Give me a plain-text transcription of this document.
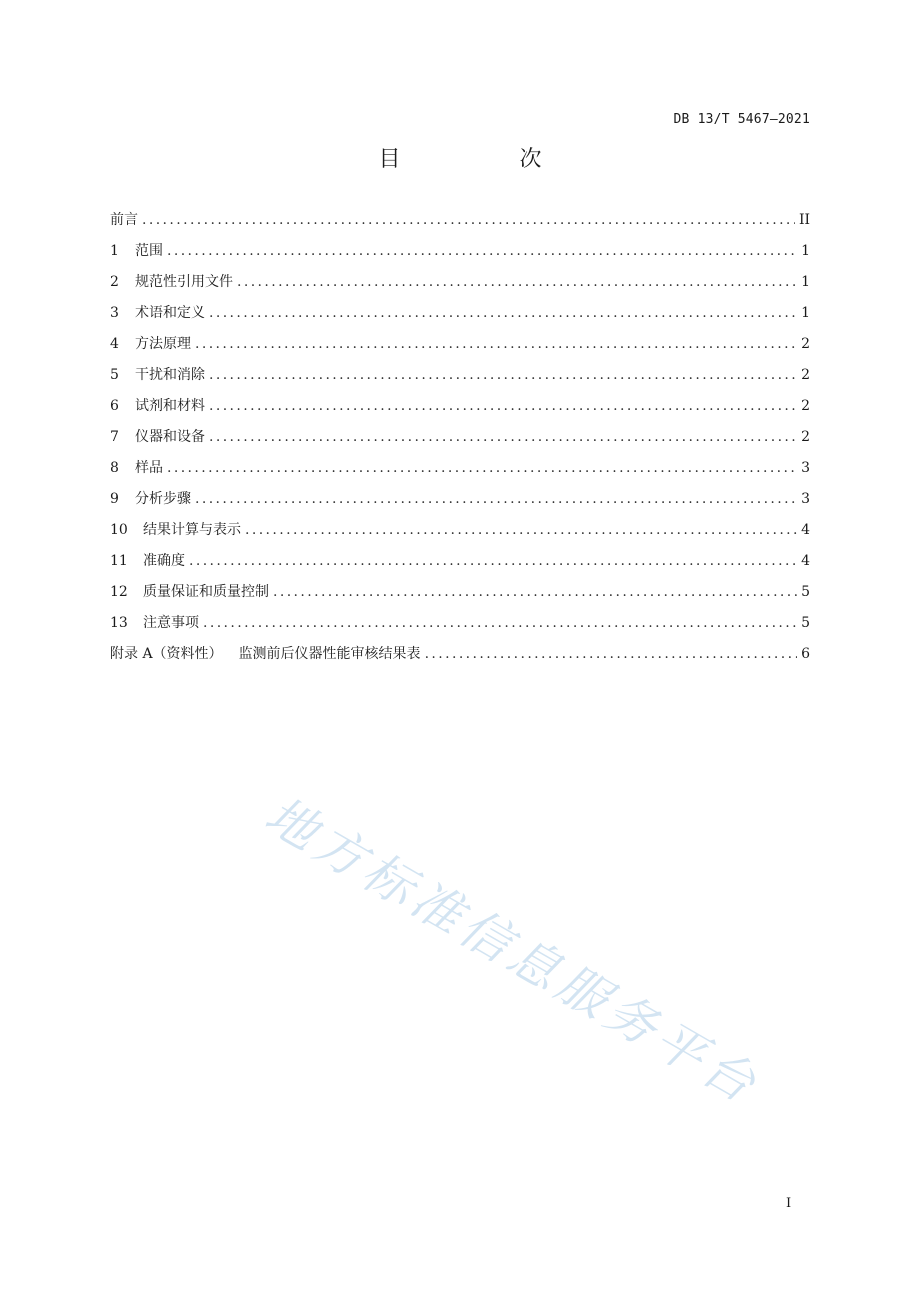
DB 13/T 5467—2021
目 次
前言 .....	II
1	范围 .....	1
2	规范性引用文件 .....	1
3	术语和定义 .....	1
4	方法原理 .....	2
5	干扰和消除 .....	2
6	试剂和材料 .....	2
7	仪器和设备 .....	2
8	样品 .....	3
9	分析步骤 .....	3
10	结果计算与表示 .....	4
11	准确度 .....	4
12	质量保证和质量控制 .....	5
13	注意事项 .....	5
附录 A（资料性） 监测前后仪器性能审核结果表 .....	6
地方标准信息服务平台
I
